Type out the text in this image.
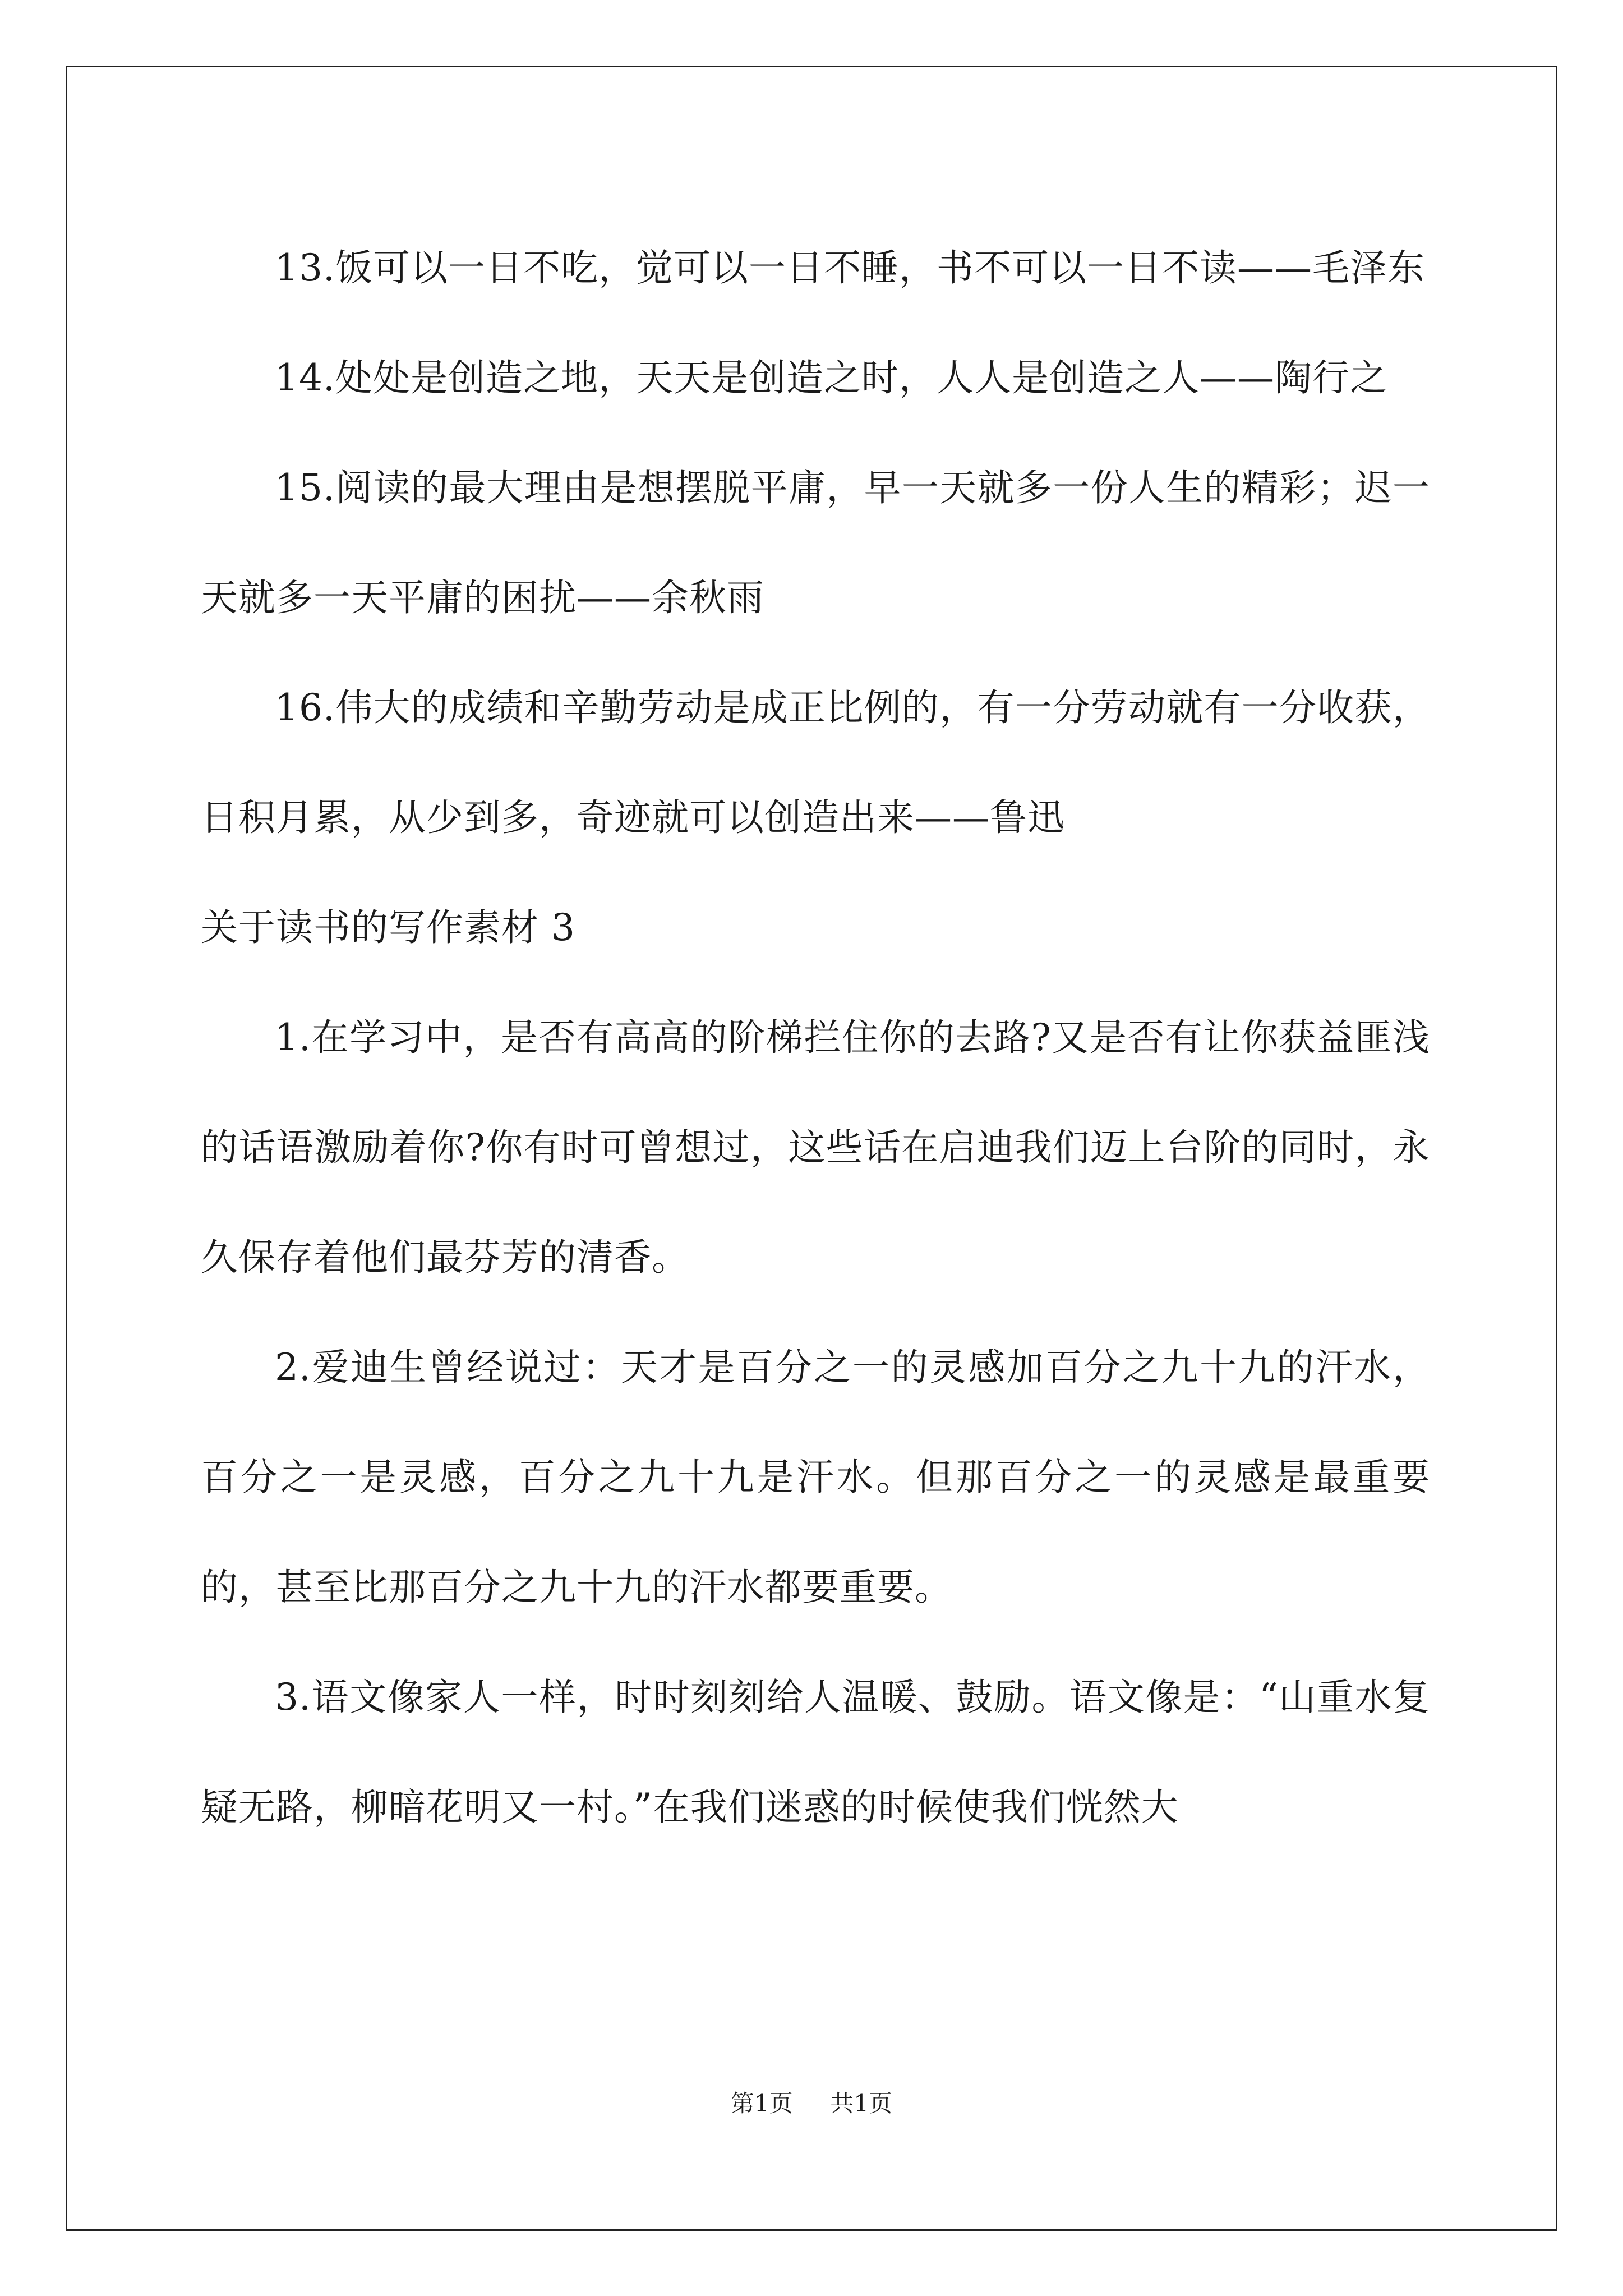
13.饭可以一日不吃，觉可以一日不睡，书不可以一日不读——毛泽东

14.处处是创造之地，天天是创造之时，人人是创造之人——陶行之

15.阅读的最大理由是想摆脱平庸，早一天就多一份人生的精彩；迟一天就多一天平庸的困扰——余秋雨

16.伟大的成绩和辛勤劳动是成正比例的，有一分劳动就有一分收获，日积月累，从少到多，奇迹就可以创造出来——鲁迅

关于读书的写作素材 3

1.在学习中，是否有高高的阶梯拦住你的去路?又是否有让你获益匪浅的话语激励着你?你有时可曾想过，这些话在启迪我们迈上台阶的同时，永久保存着他们最芬芳的清香。

2.爱迪生曾经说过：天才是百分之一的灵感加百分之九十九的汗水，百分之一是灵感，百分之九十九是汗水。但那百分之一的灵感是最重要的，甚至比那百分之九十九的汗水都要重要。

3.语文像家人一样，时时刻刻给人温暖、鼓励。语文像是：“山重水复疑无路，柳暗花明又一村。”在我们迷惑的时候使我们恍然大

第1页 共1页
